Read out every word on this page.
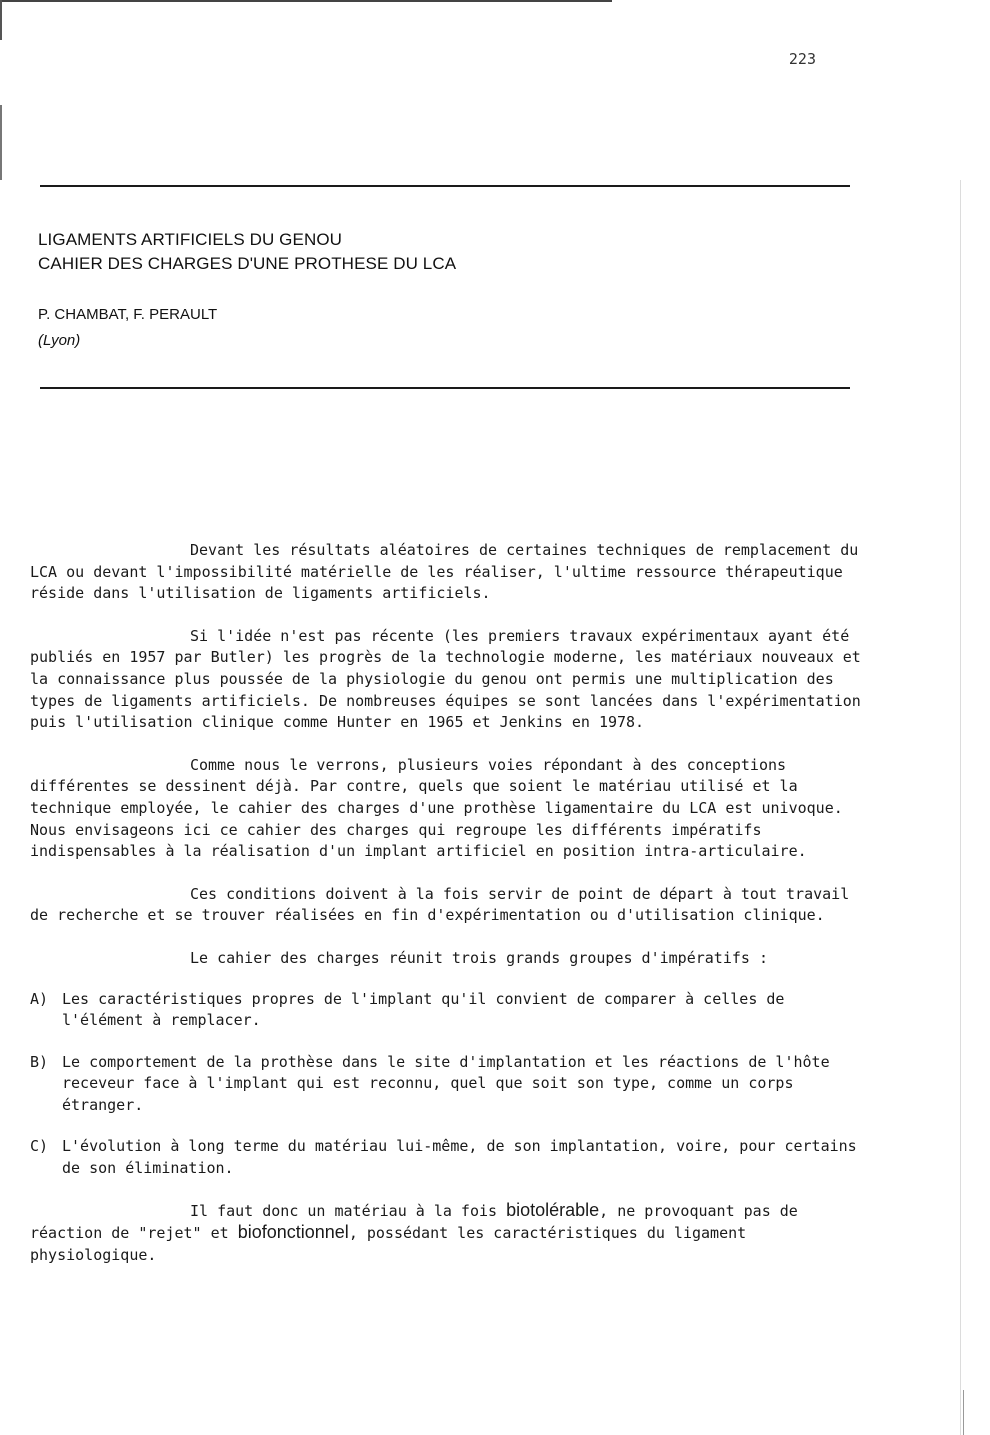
223
LIGAMENTS ARTIFICIELS DU GENOU
CAHIER DES CHARGES D'UNE PROTHESE DU LCA
P. CHAMBAT, F. PERAULT
(Lyon)

Devant les résultats aléatoires de certaines techniques de remplacement du LCA ou devant l'impossibilité matérielle de les réaliser, l'ultime ressource thérapeutique réside dans l'utilisation de ligaments artificiels.

Si l'idée n'est pas récente (les premiers travaux expérimentaux ayant été publiés en 1957 par Butler) les progrès de la technologie moderne, les matériaux nouveaux et la connaissance plus poussée de la physiologie du genou ont permis une multiplication des types de ligaments artificiels. De nombreuses équipes se sont lancées dans l'expérimentation puis l'utilisation clinique comme Hunter en 1965 et Jenkins en 1978.

Comme nous le verrons, plusieurs voies répondant à des conceptions différentes se dessinent déjà. Par contre, quels que soient le matériau utilisé et la technique employée, le cahier des charges d'une prothèse ligamentaire du LCA est univoque. Nous envisageons ici ce cahier des charges qui regroupe les différents impératifs indispensables à la réalisation d'un implant artificiel en position intra-articulaire.

Ces conditions doivent à la fois servir de point de départ à tout travail de recherche et se trouver réalisées en fin d'expérimentation ou d'utilisation clinique.

Le cahier des charges réunit trois grands groupes d'impératifs :

A) Les caractéristiques propres de l'implant qu'il convient de comparer à celles de l'élément à remplacer.
B) Le comportement de la prothèse dans le site d'implantation et les réactions de l'hôte receveur face à l'implant qui est reconnu, quel que soit son type, comme un corps étranger.
C) L'évolution à long terme du matériau lui-même, de son implantation, voire, pour certains de son élimination.

Il faut donc un matériau à la fois biotolérable, ne provoquant pas de réaction de "rejet" et biofonctionnel, possédant les caractéristiques du ligament physiologique.
